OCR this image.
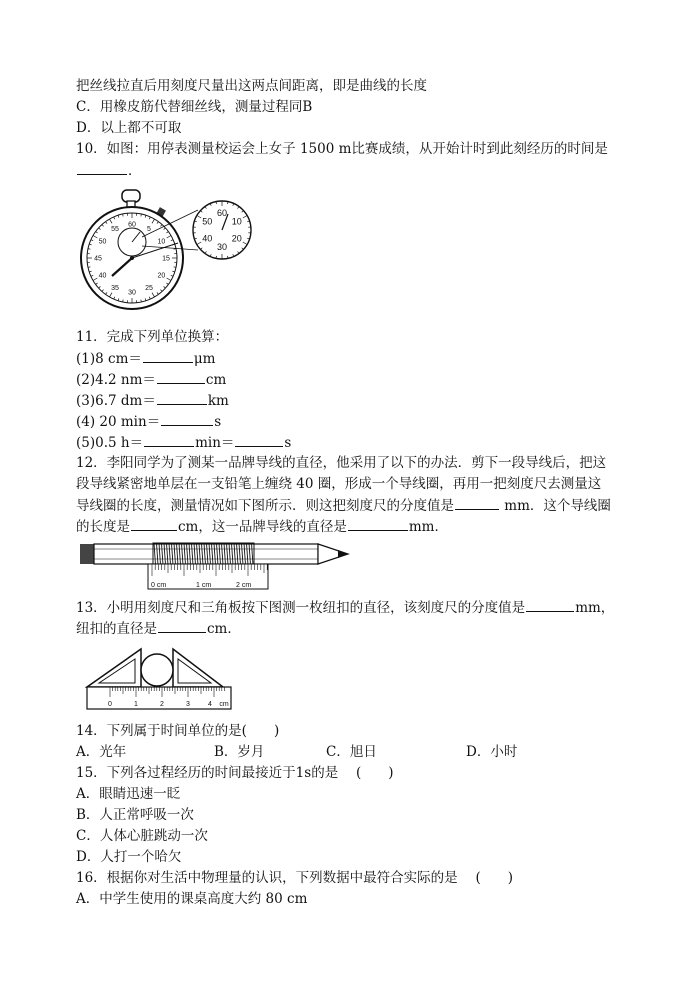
把丝线拉直后用刻度尺量出这两点间距离，即是曲线的长度
C．用橡皮筋代替细丝线，测量过程同B
D．以上都不可取
10．如图：用停表测量校运会上女子 1500 m比赛成绩，从开始计时到此刻经历的时间是
．
60
5
10
15
20
25
30
35
40
45
50
55
60
10
20
30
40
50
11．完成下列单位换算：
(1)8 cm＝	μm
(2)4.2 nm＝	cm
(3)6.7 dm＝	km
(4) 20 min＝	s
(5)0.5 h＝	min＝	s
12．李阳同学为了测某一品牌导线的直径，他采用了以下的办法．剪下一段导线后，把这
段导线紧密地单层在一支铅笔上缠绕 40 圈，形成一个导线圈，再用一把刻度尺去测量这
导线圈的长度，测量情况如下图所示．则这把刻度尺的分度值是	mm．这个导线圈
的长度是	cm，这一品牌导线的直径是	mm．
0 cm	1 cm	2 cm
13．小明用刻度尺和三角板按下图测一枚纽扣的直径，该刻度尺的分度值是	mm，
纽扣的直径是	cm．
0	1	2	3	4 cm
14．下列属于时间单位的是(　　)
A．光年	B．岁月	C．旭日	D．小时
15．下列各过程经历的时间最接近于1s的是　 (　　)
A．眼睛迅速一眨
B．人正常呼吸一次
C．人体心脏跳动一次
D．人打一个哈欠
16．根据你对生活中物理量的认识，下列数据中最符合实际的是　 (　　)
A．中学生使用的课桌高度大约 80 cm
